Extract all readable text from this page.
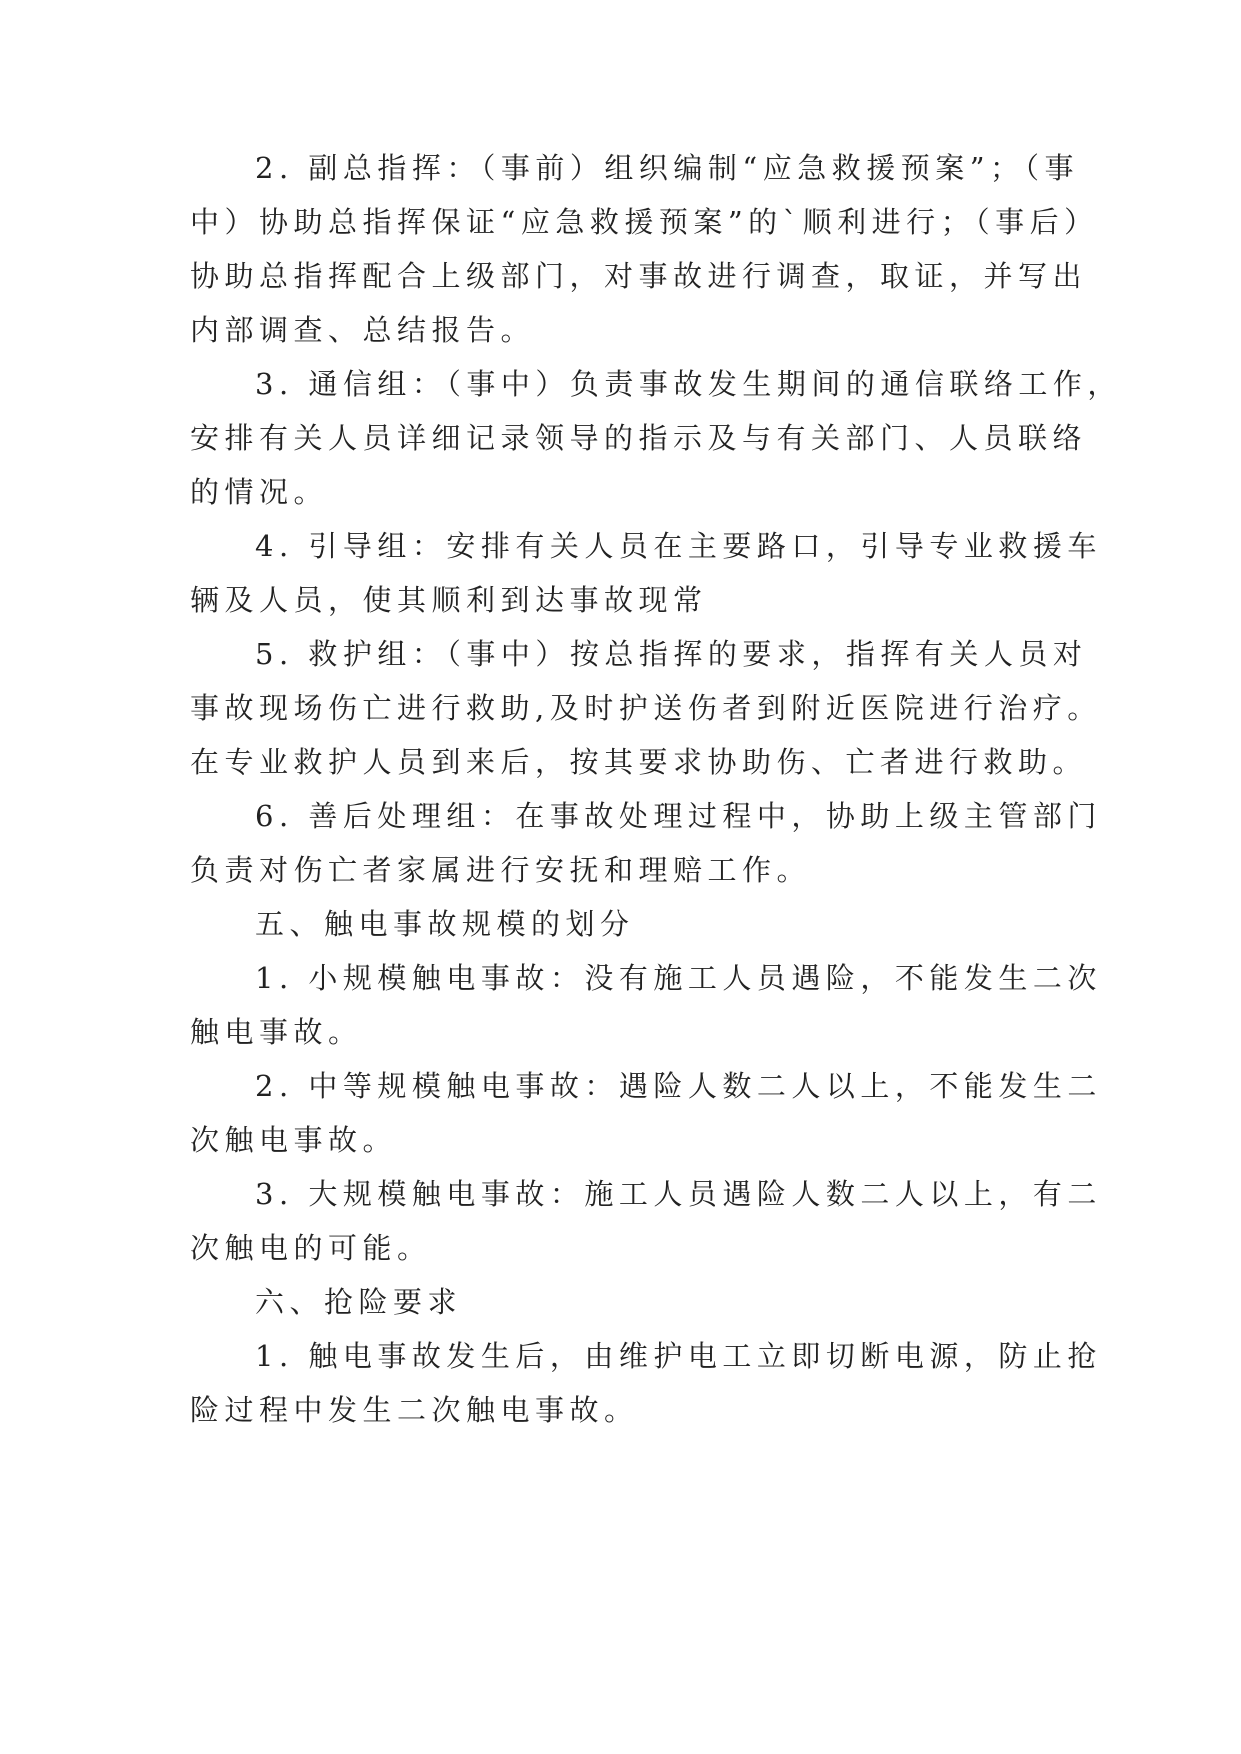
2. 副总指挥：（事前）组织编制“应急救援预案”；（事
中）协助总指挥保证“应急救援预案”的`顺利进行；（事后）
协助总指挥配合上级部门，对事故进行调查，取证，并写出
内部调查、总结报告。
3. 通信组：（事中）负责事故发生期间的通信联络工作，
安排有关人员详细记录领导的指示及与有关部门、人员联络
的情况。
4. 引导组：安排有关人员在主要路口，引导专业救援车
辆及人员，使其顺利到达事故现常
5. 救护组：（事中）按总指挥的要求，指挥有关人员对
事故现场伤亡进行救助,及时护送伤者到附近医院进行治疗。
在专业救护人员到来后，按其要求协助伤、亡者进行救助。
6. 善后处理组：在事故处理过程中，协助上级主管部门
负责对伤亡者家属进行安抚和理赔工作。
五、触电事故规模的划分
1. 小规模触电事故：没有施工人员遇险，不能发生二次
触电事故。
2. 中等规模触电事故：遇险人数二人以上，不能发生二
次触电事故。
3. 大规模触电事故：施工人员遇险人数二人以上，有二
次触电的可能。
六、抢险要求
1. 触电事故发生后，由维护电工立即切断电源，防止抢
险过程中发生二次触电事故。
